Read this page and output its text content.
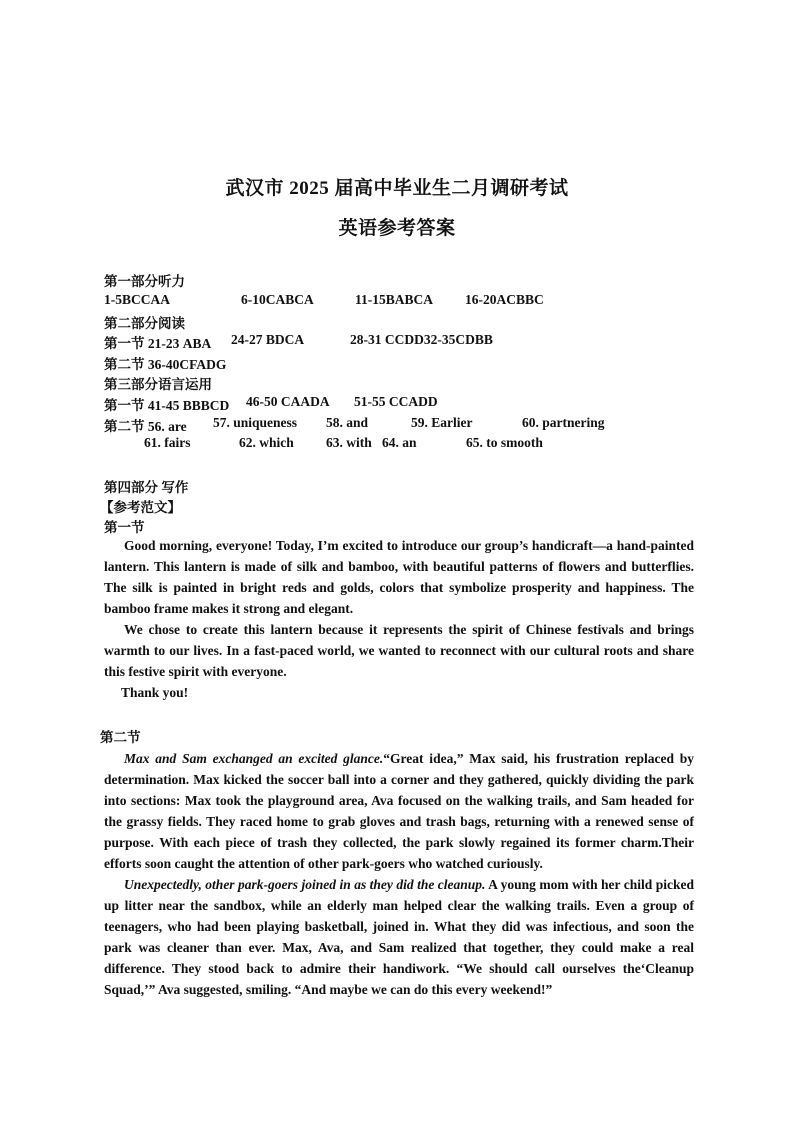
武汉市 2025 届高中毕业生二月调研考试
英语参考答案
第一部分听力
1-5BCCAA	6-10CABCA	11-15BABCA 16-20ACBBC
第二部分阅读
第一节 21-23 ABA 24-27 BDCA	28-31 CCDD32-35CDBB
第二节 36-40CFADG
第三部分语言运用
第一节 41-45 BBBCD 46-50 CAADA 51-55 CCADD
第二节 56. are 57. uniqueness 58. and	59. Earlier	60. partnering
61. fairs	62. which 63. with 64. an	65. to smooth
第四部分 写作
【参考范文】
第一节

Good morning, everyone! Today, I’m excited to introduce our group’s handicraft—a hand-painted lantern. This lantern is made of silk and bamboo, with beautiful patterns of flowers and butterflies. The silk is painted in bright reds and golds, colors that symbolize prosperity and happiness. The bamboo frame makes it strong and elegant.

We chose to create this lantern because it represents the spirit of Chinese festivals and brings warmth to our lives. In a fast-paced world, we wanted to reconnect with our cultural roots and share this festive spirit with everyone.

Thank you!

第二节

Max and Sam exchanged an excited glance.“Great idea,” Max said, his frustration replaced by determination. Max kicked the soccer ball into a corner and they gathered, quickly dividing the park into sections: Max took the playground area, Ava focused on the walking trails, and Sam headed for the grassy fields. They raced home to grab gloves and trash bags, returning with a renewed sense of purpose. With each piece of trash they collected, the park slowly regained its former charm.Their efforts soon caught the attention of other park-goers who watched curiously.

Unexpectedly, other park-goers joined in as they did the cleanup. A young mom with her child picked up litter near the sandbox, while an elderly man helped clear the walking trails. Even a group of teenagers, who had been playing basketball, joined in. What they did was infectious, and soon the park was cleaner than ever. Max, Ava, and Sam realized that together, they could make a real difference. They stood back to admire their handiwork. “We should call ourselves the‘Cleanup Squad,’” Ava suggested, smiling. “And maybe we can do this every weekend!”
